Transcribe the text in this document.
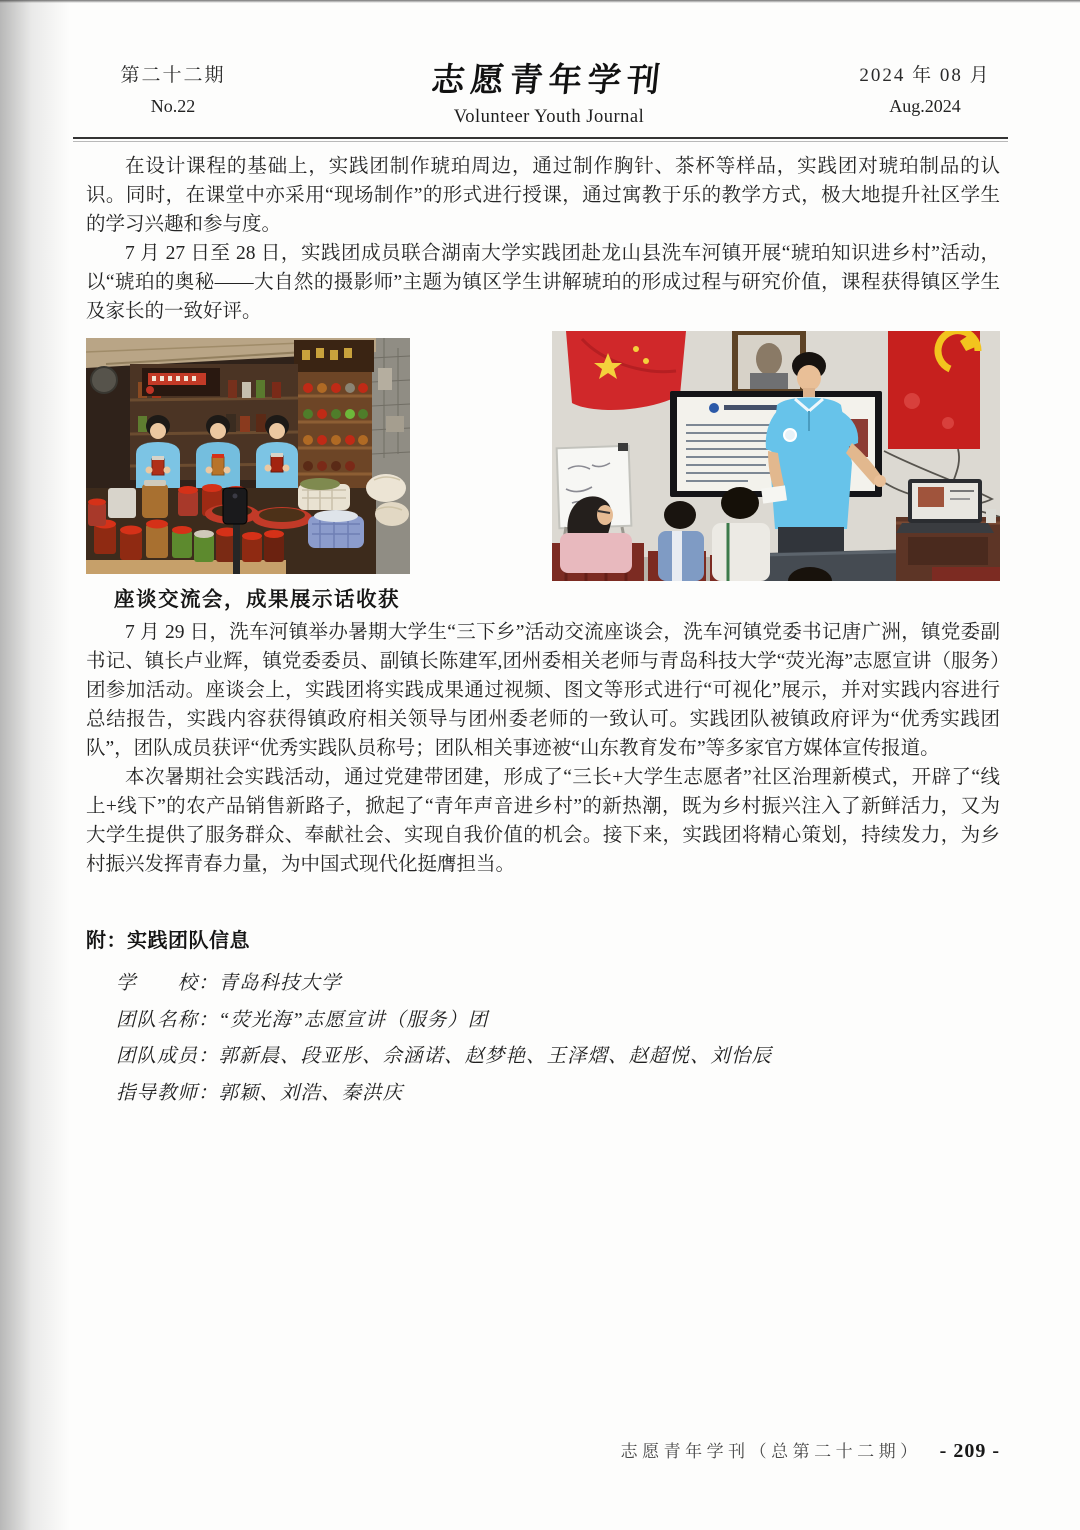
第二十二期
No.22
志愿青年学刊
Volunteer Youth Journal
2024 年 08 月
Aug.2024

在设计课程的基础上，实践团制作琥珀周边，通过制作胸针、茶杯等样品，实践团对琥珀制品的认识。同时，在课堂中亦采用“现场制作”的形式进行授课，通过寓教于乐的教学方式，极大地提升社区学生的学习兴趣和参与度。

7 月 27 日至 28 日，实践团成员联合湖南大学实践团赴龙山县洗车河镇开展“琥珀知识进乡村”活动，以“琥珀的奥秘——大自然的摄影师”主题为镇区学生讲解琥珀的形成过程与研究价值，课程获得镇区学生及家长的一致好评。

座谈交流会，成果展示话收获

7 月 29 日，洗车河镇举办暑期大学生“三下乡”活动交流座谈会，洗车河镇党委书记唐广洲，镇党委副书记、镇长卢业辉，镇党委委员、副镇长陈建军,团州委相关老师与青岛科技大学“荧光海”志愿宣讲（服务）团参加活动。座谈会上，实践团将实践成果通过视频、图文等形式进行“可视化”展示，并对实践内容进行总结报告，实践内容获得镇政府相关领导与团州委老师的一致认可。实践团队被镇政府评为“优秀实践团队”，团队成员获评“优秀实践队员称号；团队相关事迹被“山东教育发布”等多家官方媒体宣传报道。

本次暑期社会实践活动，通过党建带团建，形成了“三长+大学生志愿者”社区治理新模式，开辟了“线上+线下”的农产品销售新路子，掀起了“青年声音进乡村”的新热潮，既为乡村振兴注入了新鲜活力，又为大学生提供了服务群众、奉献社会、实现自我价值的机会。接下来，实践团将精心策划，持续发力，为乡村振兴发挥青春力量，为中国式现代化挺膺担当。

附：实践团队信息
学　　校：青岛科技大学
团队名称：“荧光海”志愿宣讲（服务）团
团队成员：郭新晨、段亚彤、佘涵诺、赵梦艳、王泽熠、赵超悦、刘怡辰
指导教师：郭颖、刘浩、秦洪庆
志愿青年学刊（总第二十二期） - 209 -
